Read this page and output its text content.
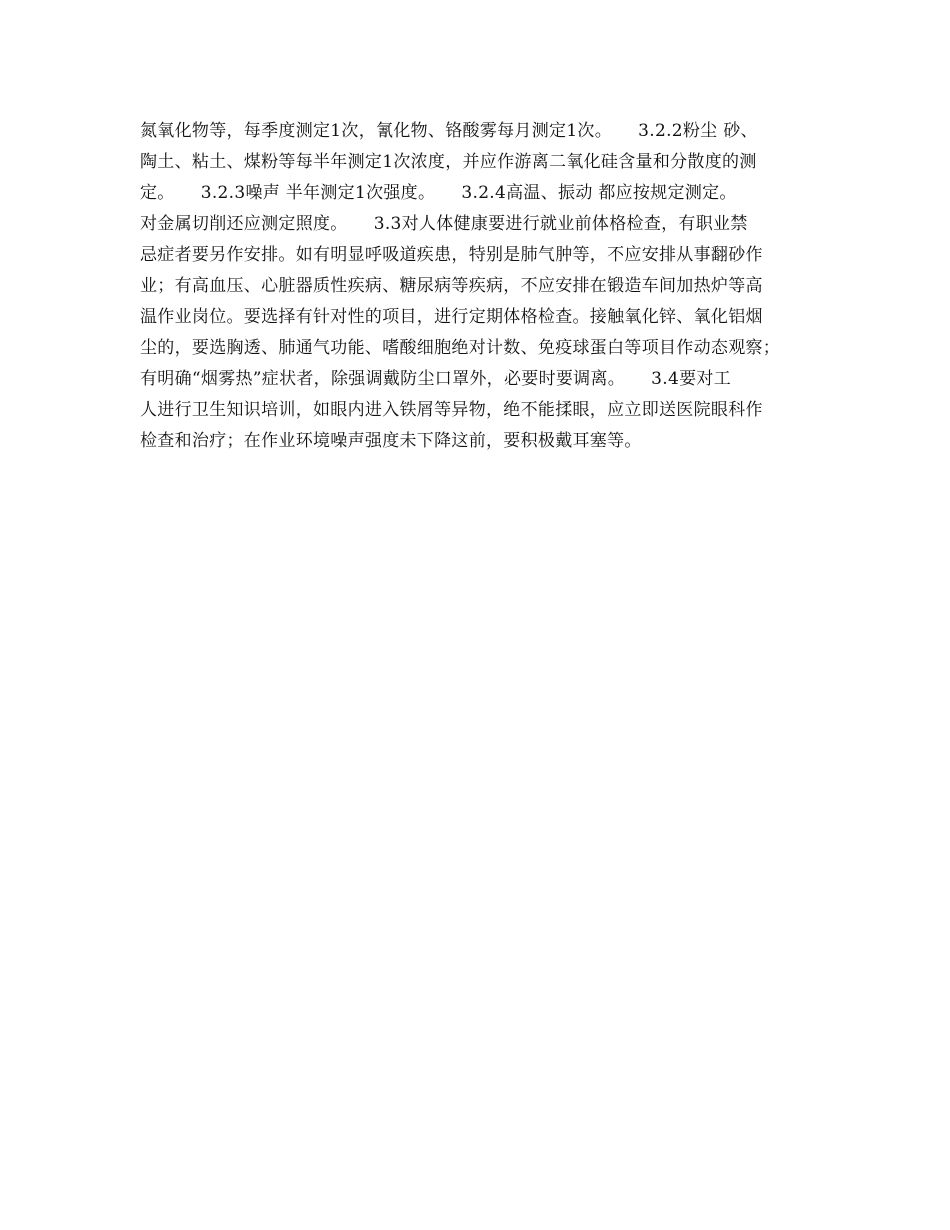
氮氧化物等，每季度测定1次，氰化物、铬酸雾每月测定1次。　　3.2.2粉尘 砂、
陶土、粘土、煤粉等每半年测定1次浓度，并应作游离二氧化硅含量和分散度的测
定。　　3.2.3噪声 半年测定1次强度。　　3.2.4高温、振动 都应按规定测定。
对金属切削还应测定照度。　　3.3对人体健康要进行就业前体格检查，有职业禁
忌症者要另作安排。如有明显呼吸道疾患，特别是肺气肿等，不应安排从事翻砂作
业；有高血压、心脏器质性疾病、糖尿病等疾病，不应安排在锻造车间加热炉等高
温作业岗位。要选择有针对性的项目，进行定期体格检查。接触氧化锌、氧化铝烟
尘的，要选胸透、肺通气功能、嗜酸细胞绝对计数、免疫球蛋白等项目作动态观察；
有明确“烟雾热”症状者，除强调戴防尘口罩外，必要时要调离。　　3.4要对工
人进行卫生知识培训，如眼内进入铁屑等异物，绝不能揉眼，应立即送医院眼科作
检查和治疗；在作业环境噪声强度未下降这前，要积极戴耳塞等。
